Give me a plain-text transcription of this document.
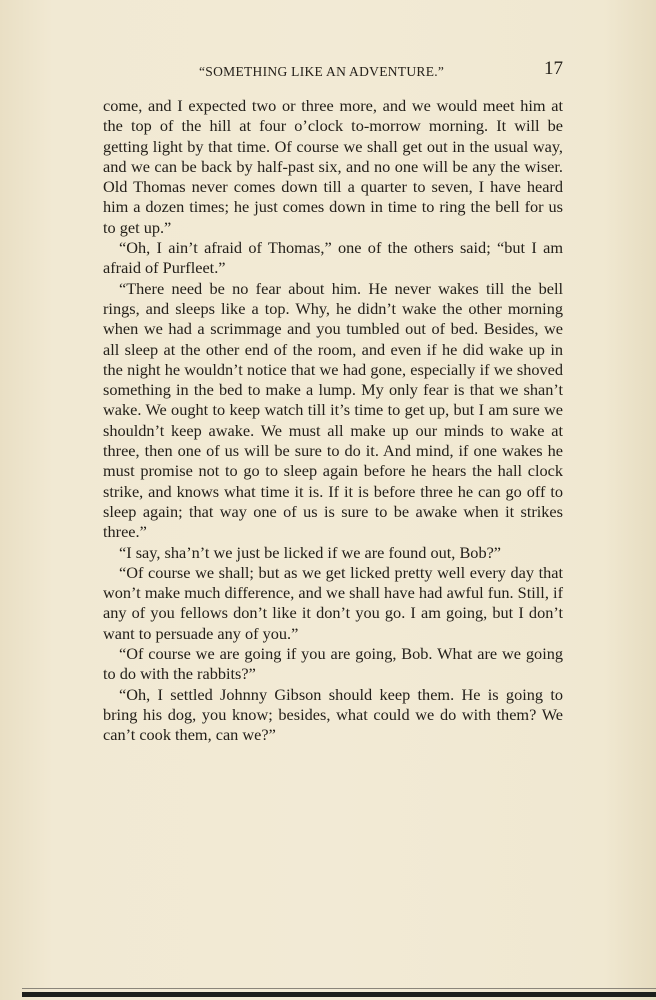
“SOMETHING LIKE AN ADVENTURE.”	17

come, and I expected two or three more, and we would meet him at the top of the hill at four o’clock to-morrow morning. It will be getting light by that time. Of course we shall get out in the usual way, and we can be back by half-past six, and no one will be any the wiser. Old Thomas never comes down till a quarter to seven, I have heard him a dozen times; he just comes down in time to ring the bell for us to get up.”

“Oh, I ain’t afraid of Thomas,” one of the others said; “but I am afraid of Purfleet.”

“There need be no fear about him. He never wakes till the bell rings, and sleeps like a top. Why, he didn’t wake the other morning when we had a scrimmage and you tumbled out of bed. Besides, we all sleep at the other end of the room, and even if he did wake up in the night he wouldn’t notice that we had gone, especially if we shoved something in the bed to make a lump. My only fear is that we shan’t wake. We ought to keep watch till it’s time to get up, but I am sure we shouldn’t keep awake. We must all make up our minds to wake at three, then one of us will be sure to do it. And mind, if one wakes he must promise not to go to sleep again before he hears the hall clock strike, and knows what time it is. If it is before three he can go off to sleep again; that way one of us is sure to be awake when it strikes three.”

“I say, sha’n’t we just be licked if we are found out, Bob?”

“Of course we shall; but as we get licked pretty well every day that won’t make much difference, and we shall have had awful fun. Still, if any of you fellows don’t like it don’t you go. I am going, but I don’t want to persuade any of you.”

“Of course we are going if you are going, Bob. What are we going to do with the rabbits?”

“Oh, I settled Johnny Gibson should keep them. He is going to bring his dog, you know; besides, what could we do with them? We can’t cook them, can we?”
